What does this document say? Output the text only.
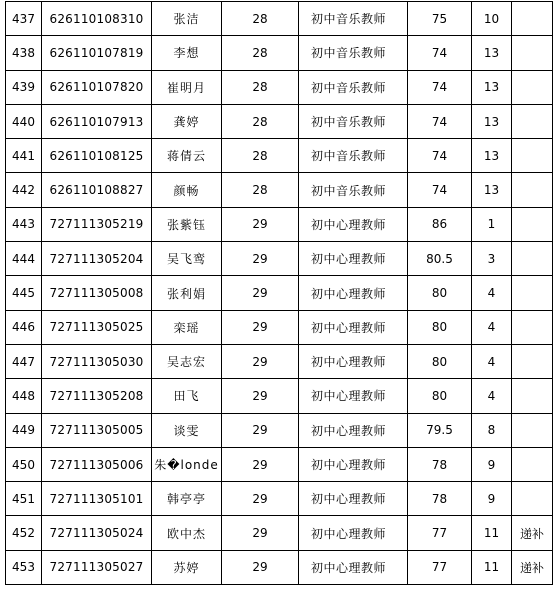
437	626110108310	张洁	28	初中音乐教师	75	10	
438	626110107819	李想	28	初中音乐教师	74	13	
439	626110107820	崔明月	28	初中音乐教师	74	13	
440	626110107913	龚婷	28	初中音乐教师	74	13	
441	626110108125	蒋倩云	28	初中音乐教师	74	13	
442	626110108827	颜畅	28	初中音乐教师	74	13	
443	727111305219	张紫钰	29	初中心理教师	86	1	
444	727111305204	吴飞鸾	29	初中心理教师	80.5	3	
445	727111305008	张利娟	29	初中心理教师	80	4	
446	727111305025	栾瑶	29	初中心理教师	80	4	
447	727111305030	吴志宏	29	初中心理教师	80	4	
448	727111305208	田飞	29	初中心理教师	80	4	
449	727111305005	谈雯	29	初中心理教师	79.5	8	
450	727111305006	朱�londe	29	初中心理教师	78	9	
451	727111305101	韩亭亭	29	初中心理教师	78	9	
452	727111305024	欧中杰	29	初中心理教师	77	11	递补
453	727111305027	苏婷	29	初中心理教师	77	11	递补
